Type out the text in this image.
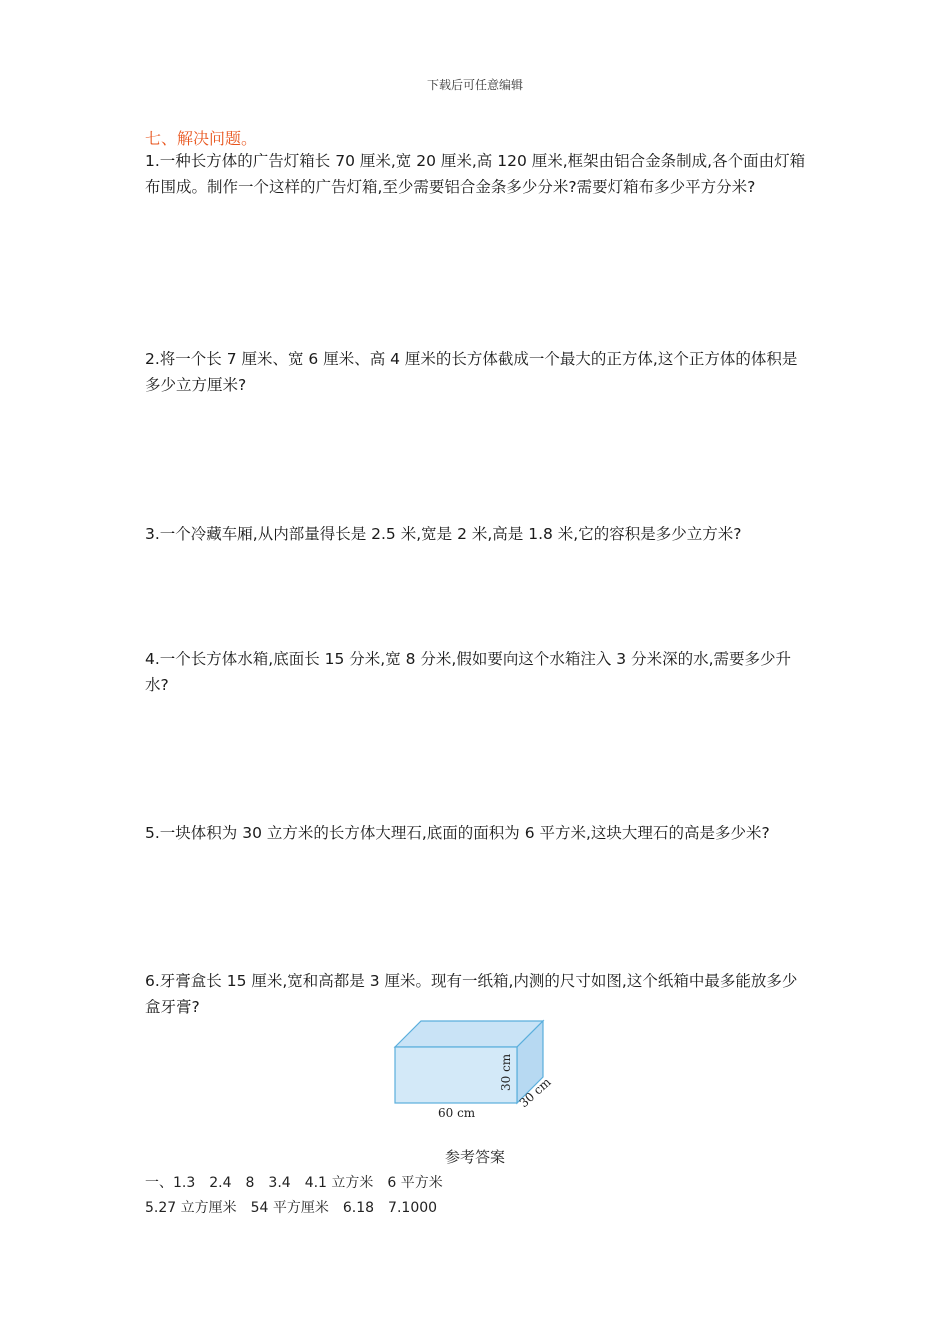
下载后可任意编辑
七、解决问题。
1.一种长方体的广告灯箱长 70 厘米,宽 20 厘米,高 120 厘米,框架由铝合金条制成,各个面由灯箱布围成。制作一个这样的广告灯箱,至少需要铝合金条多少分米?需要灯箱布多少平方分米?
2.将一个长 7 厘米、宽 6 厘米、高 4 厘米的长方体截成一个最大的正方体,这个正方体的体积是多少立方厘米?
3.一个冷藏车厢,从内部量得长是 2.5 米,宽是 2 米,高是 1.8 米,它的容积是多少立方米?
4.一个长方体水箱,底面长 15 分米,宽 8 分米,假如要向这个水箱注入 3 分米深的水,需要多少升水?
5.一块体积为 30 立方米的长方体大理石,底面的面积为 6 平方米,这块大理石的高是多少米?
6.牙膏盒长 15 厘米,宽和高都是 3 厘米。现有一纸箱,内测的尺寸如图,这个纸箱中最多能放多少盒牙膏?
60 cm
30 cm
30 cm
参考答案
一、1.3　2.4　8　3.4　4.1 立方米　6 平方米
5.27 立方厘米　54 平方厘米　6.18　7.1000
